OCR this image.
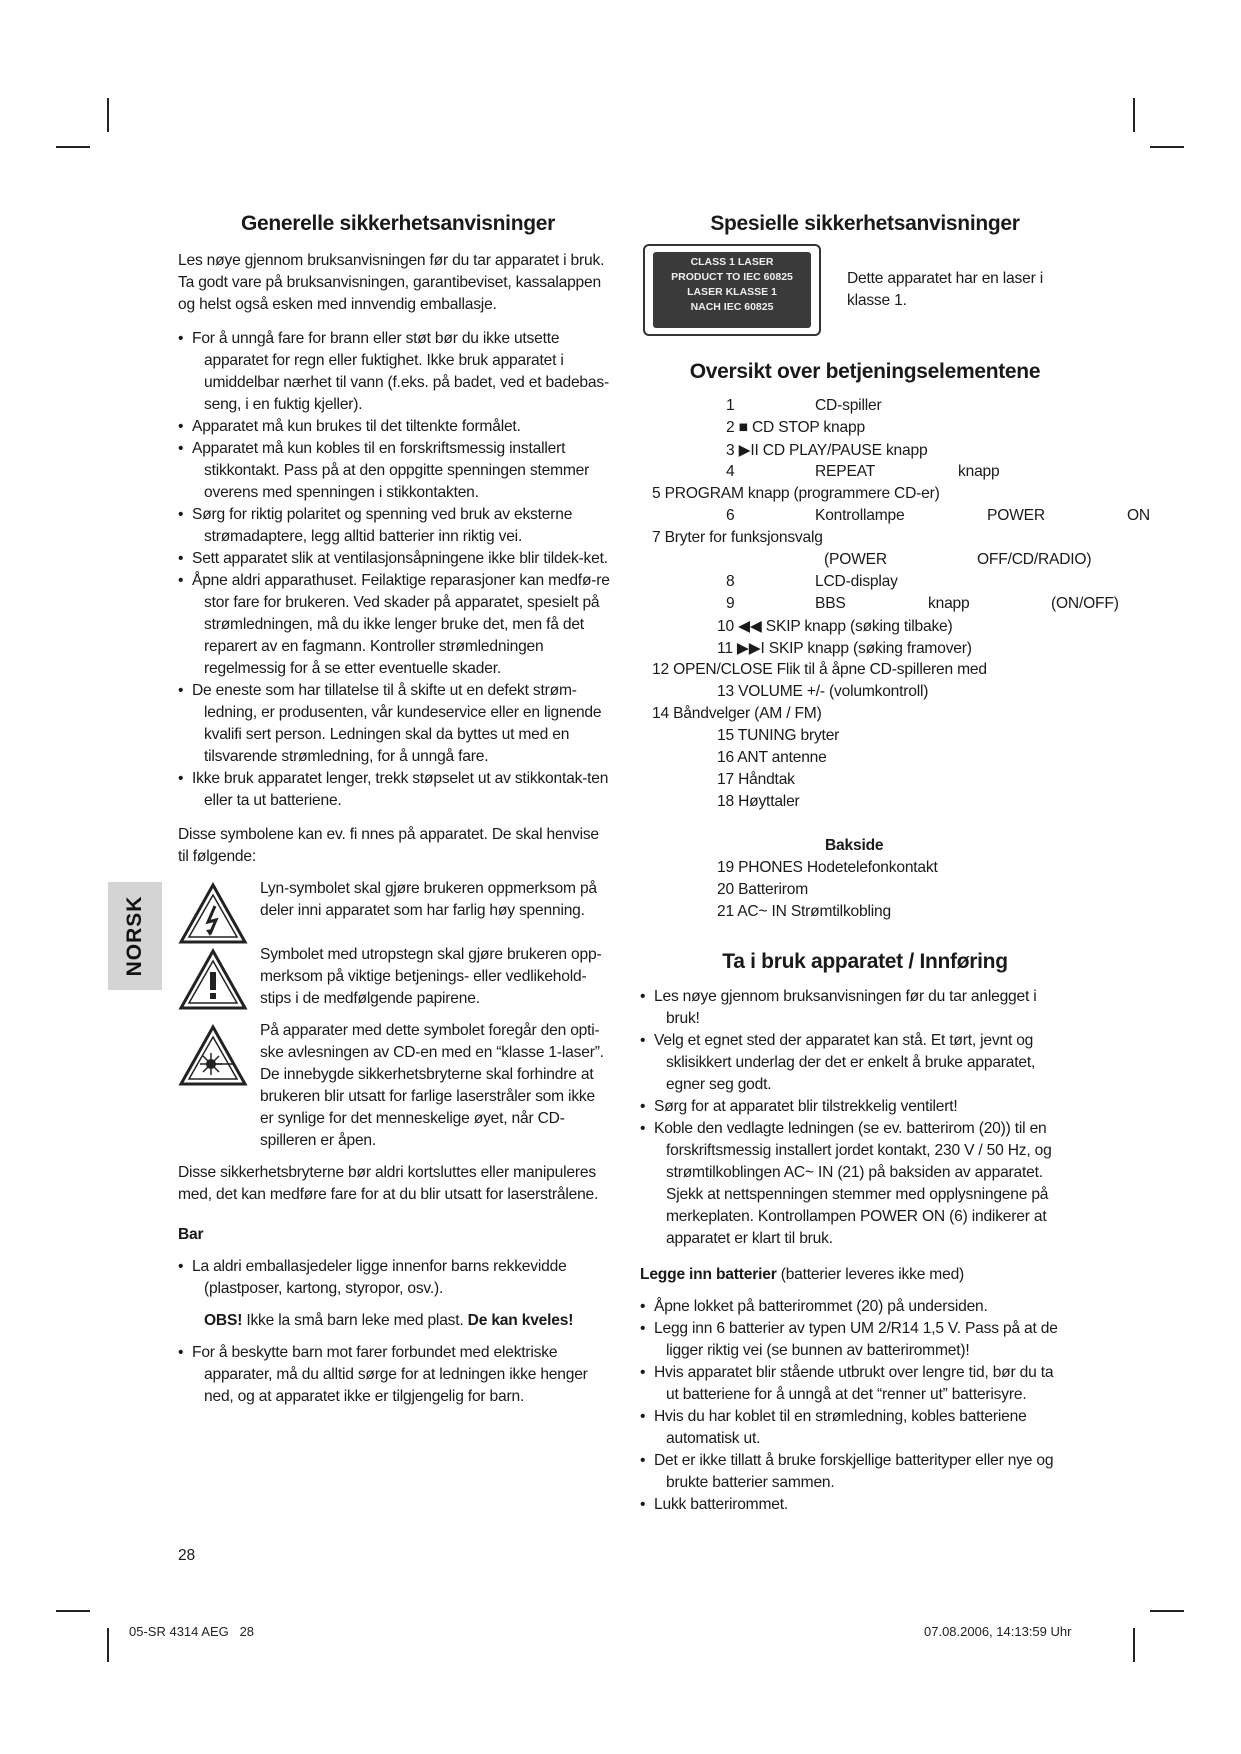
Generelle sikkerhetsanvisninger

Les nøye gjennom bruksanvisningen før du tar apparatet i bruk. Ta godt vare på bruksanvisningen, garantibeviset, kassalappen og helst også esken med innvendig emballasje.

• For å unngå fare for brann eller støt bør du ikke utsette apparatet for regn eller fuktighet. Ikke bruk apparatet i umiddelbar nærhet til vann (f.eks. på badet, ved et badebas-seng, i en fuktig kjeller).
• Apparatet må kun brukes til det tiltenkte formålet.
• Apparatet må kun kobles til en forskriftsmessig installert stikkontakt. Pass på at den oppgitte spenningen stemmer overens med spenningen i stikkontakten.
• Sørg for riktig polaritet og spenning ved bruk av eksterne strømadaptere, legg alltid batterier inn riktig vei.
• Sett apparatet slik at ventilasjonsåpningene ikke blir tildek-ket.
• Åpne aldri apparathuset. Feilaktige reparasjoner kan medfø-re stor fare for brukeren. Ved skader på apparatet, spesielt på strømledningen, må du ikke lenger bruke det, men få det reparert av en fagmann. Kontroller strømledningen regelmessig for å se etter eventuelle skader.
• De eneste som har tillatelse til å skifte ut en defekt strøm-ledning, er produsenten, vår kundeservice eller en lignende kvalifi sert person. Ledningen skal da byttes ut med en tilsvarende strømledning, for å unngå fare.
• Ikke bruk apparatet lenger, trekk støpselet ut av stikkontak-ten eller ta ut batteriene.

Disse symbolene kan ev. fi nnes på apparatet. De skal henvise til følgende:

Lyn-symbolet skal gjøre brukeren oppmerksom på deler inni apparatet som har farlig høy spenning.

Symbolet med utropstegn skal gjøre brukeren opp-merksom på viktige betjenings- eller vedlikehold-stips i de medfølgende papirene.

På apparater med dette symbolet foregår den opti-ske avlesningen av CD-en med en “klasse 1-laser”. De innebygde sikkerhetsbryterne skal forhindre at brukeren blir utsatt for farlige laserstråler som ikke er synlige for det menneskelige øyet, når CD-spilleren er åpen.

Disse sikkerhetsbryterne bør aldri kortsluttes eller manipuleres med, det kan medføre fare for at du blir utsatt for laserstrålene.

Bar

• La aldri emballasjedeler ligge innenfor barns rekkevidde (plastposer, kartong, styropor, osv.).

OBS! Ikke la små barn leke med plast. De kan kveles!

• For å beskytte barn mot farer forbundet med elektriske apparater, må du alltid sørge for at ledningen ikke henger ned, og at apparatet ikke er tilgjengelig for barn.
NORSK
Spesielle sikkerhetsanvisninger
CLASS 1 LASER
PRODUCT TO IEC 60825
LASER KLASSE 1
NACH IEC 60825

Dette apparatet har en laser i klasse 1.

Oversikt over betjeningselementene
1	CD-spiller
2 ■ CD STOP knapp
3 ▶II CD PLAY/PAUSE knapp
4	REPEAT	knapp
5 PROGRAM knapp (programmere CD-er)
6	Kontrollampe	POWER	ON
7 Bryter for funksjonsvalg
(POWER	OFF/CD/RADIO)
8	LCD-display
9	BBS	knapp	(ON/OFF)
10 ◀◀ SKIP knapp (søking tilbake)
11 ▶▶I SKIP knapp (søking framover)
12 OPEN/CLOSE Flik til å åpne CD-spilleren med
13 VOLUME +/- (volumkontroll)
14 Båndvelger (AM / FM)
15 TUNING bryter
16 ANT antenne
17 Håndtak
18 Høyttaler
Bakside
19 PHONES Hodetelefonkontakt
20 Batterirom
21 AC~ IN Strømtilkobling
Ta i bruk apparatet / Innføring
• Les nøye gjennom bruksanvisningen før du tar anlegget i bruk!
• Velg et egnet sted der apparatet kan stå. Et tørt, jevnt og sklisikkert underlag der det er enkelt å bruke apparatet, egner seg godt.
• Sørg for at apparatet blir tilstrekkelig ventilert!
• Koble den vedlagte ledningen (se ev. batterirom (20)) til en forskriftsmessig installert jordet kontakt, 230 V / 50 Hz, og strømtilkoblingen AC~ IN (21) på baksiden av apparatet. Sjekk at nettspenningen stemmer med opplysningene på merkeplaten. Kontrollampen POWER ON (6) indikerer at apparatet er klart til bruk.

Legge inn batterier (batterier leveres ikke med)

• Åpne lokket på batterirommet (20) på undersiden.
• Legg inn 6 batterier av typen UM 2/R14 1,5 V. Pass på at de ligger riktig vei (se bunnen av batterirommet)!
• Hvis apparatet blir stående utbrukt over lengre tid, bør du ta ut batteriene for å unngå at det “renner ut” batterisyre.
• Hvis du har koblet til en strømledning, kobles batteriene automatisk ut.
• Det er ikke tillatt å bruke forskjellige batterityper eller nye og brukte batterier sammen.
• Lukk batterirommet.
28
05-SR 4314 AEG   28	07.08.2006, 14:13:59 Uhr
